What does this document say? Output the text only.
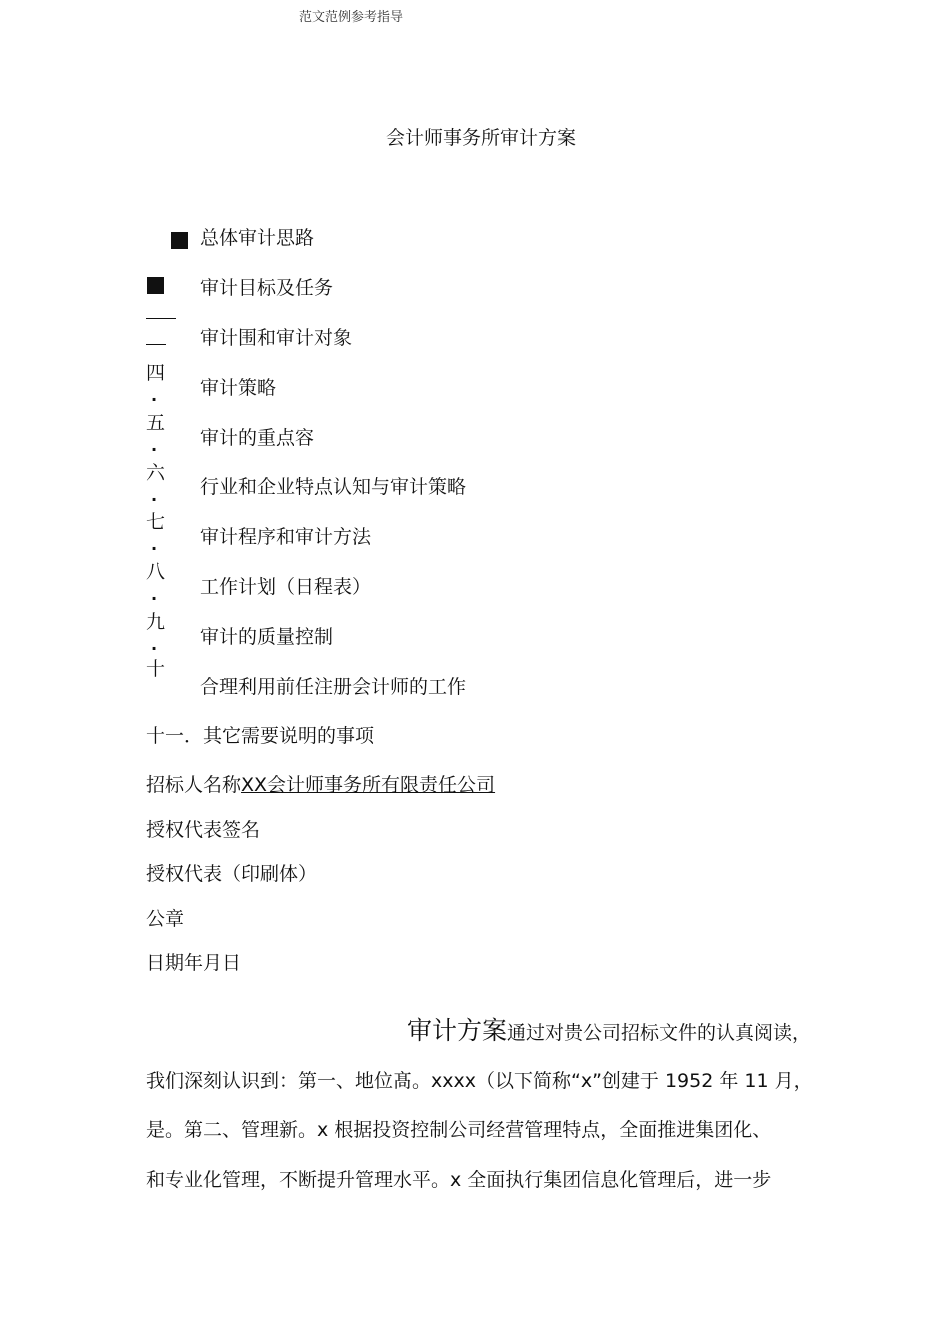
范文范例参考指导
会计师事务所审计方案
总体审计思路
审计目标及任务
审计围和审计对象
四
. 审计策略
五
. 审计的重点容
六
. 行业和企业特点认知与审计策略
七
. 审计程序和审计方法
八
. 工作计划（日程表）
九
. 审计的质量控制
十
合理利用前任注册会计师的工作
十一．其它需要说明的事项
招标人名称XX会计师事务所有限责任公司
授权代表签名
授权代表（印刷体）
公章
日期年月日
审计方案通过对贵公司招标文件的认真阅读，
我们深刻认识到：第一、地位髙。xxxx（以下简称“x”创建于 1952 年 11 月，
是。第二、管理新。x 根据投资控制公司经营管理特点，全面推进集团化、
和专业化管理，不断提升管理水平。x 全面执行集团信息化管理后，进一步
